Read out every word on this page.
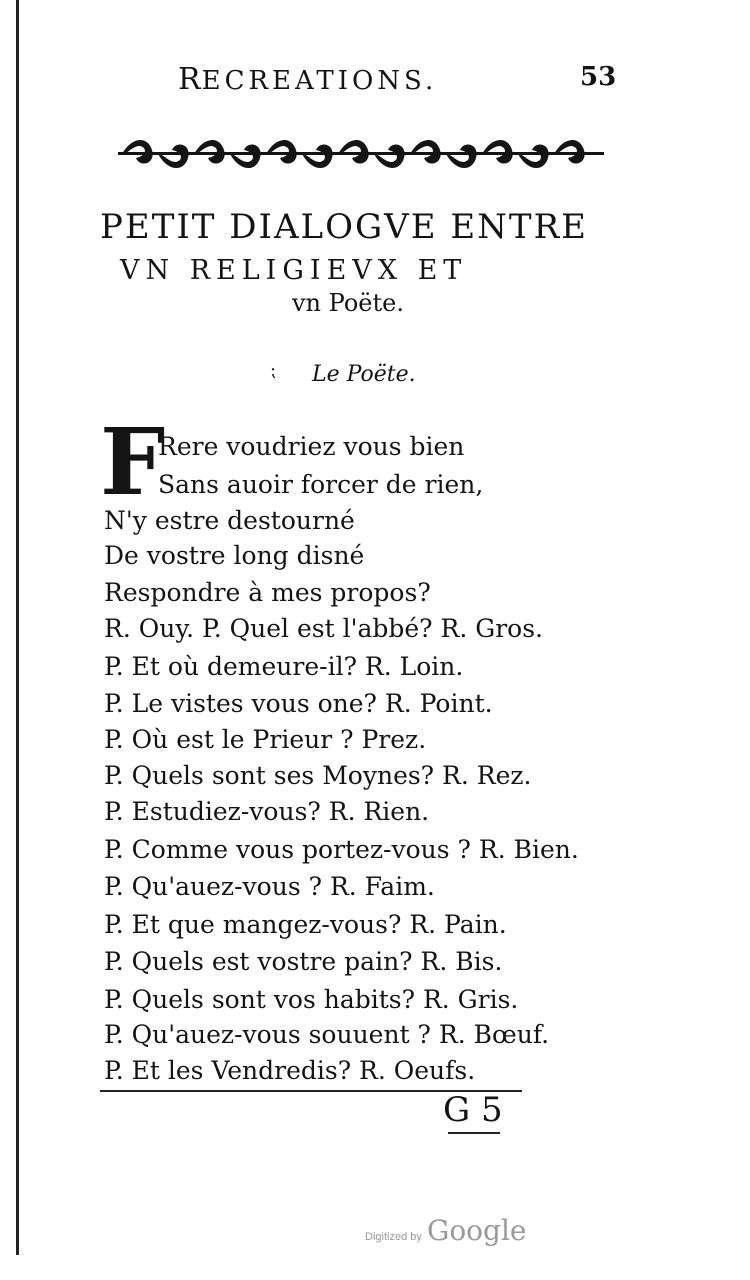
RECREATIONS.	53
PETIT DIALOGVE ENTRE
VN RELIGIEVX ET
vn Poëte.
⁏ Le Poëte.
F
Rere voudriez vous bien
Sans auoir forcer de rien,
N'y estre destourné
De vostre long disné
Respondre à mes propos?
R. Ouy. P. Quel est l'abbé? R. Gros.
P. Et où demeure-il? R. Loin.
P. Le vistes vous one? R. Point.
P. Où est le Prieur ? Prez.
P. Quels sont ses Moynes? R. Rez.
P. Estudiez-vous? R. Rien.
P. Comme vous portez-vous ? R. Bien.
P. Qu'auez-vous ? R. Faim.
P. Et que mangez-vous? R. Pain.
P. Quels est vostre pain? R. Bis.
P. Quels sont vos habits? R. Gris.
P. Qu'auez-vous souuent ? R. Bœuf.
P. Et les Vendredis? R. Oeufs.
G 5
Digitized by Google
